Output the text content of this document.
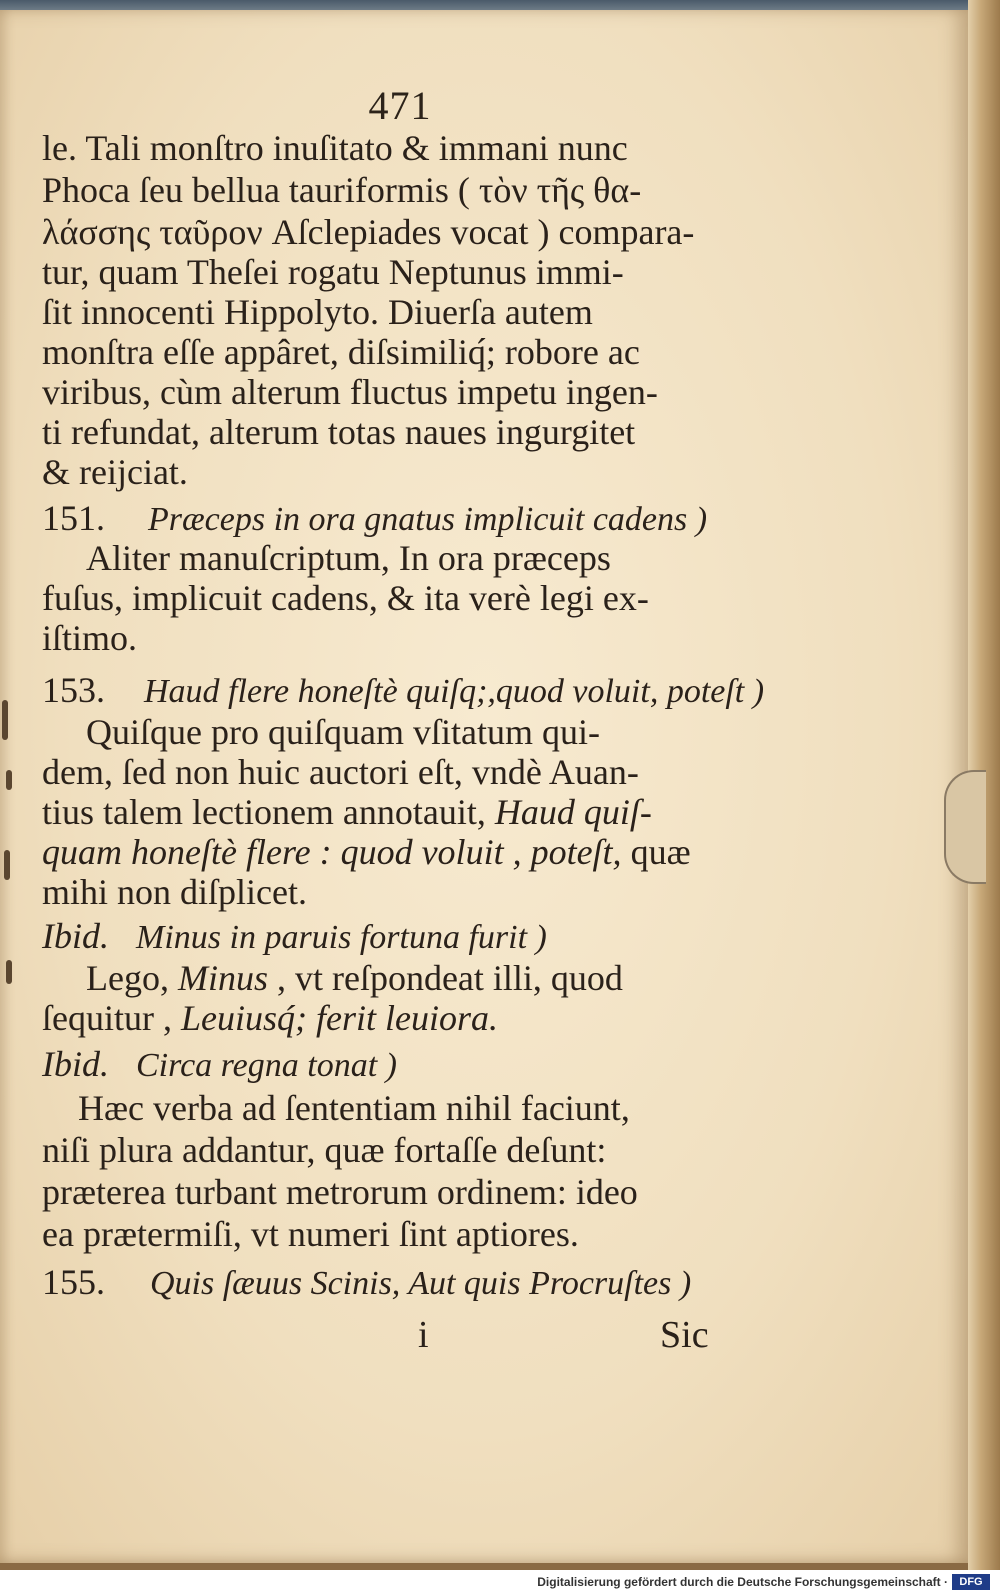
471
le. Tali monſtro inuſitato & immani nunc
Phoca ſeu bellua tauriformis ( τὸν τῆς θα-
λάσσης ταῦρον Aſclepiades vocat ) compara-
tur, quam Theſei rogatu Neptunus immi-
ſit innocenti Hippolyto. Diuerſa autem
monſtra eſſe appâret, diſsimiliq́; robore ac
viribus, cùm alterum fluctus impetu ingen-
ti refundat, alterum totas naues ingurgitet
& reijciat.
151. Præceps in ora gnatus implicuit cadens )
Aliter manuſcriptum, In ora præceps
fuſus, implicuit cadens, & ita verè legi ex-
iſtimo.
153. Haud flere honeſtè quiſq;,quod voluit, poteſt )
Quiſque pro quiſquam vſitatum qui-
dem, ſed non huic auctori eſt, vndè Auan-
tius talem lectionem annotauit, Haud quiſ-
quam honeſtè flere : quod voluit , poteſt, quæ
mihi non diſplicet.
Ibid. Minus in paruis fortuna furit )
Lego, Minus , vt reſpondeat illi, quod
ſequitur , Leuiusq́; ferit leuiora.
Ibid. Circa regna tonat )
Hæc verba ad ſententiam nihil faciunt,
niſi plura addantur, quæ fortaſſe deſunt:
præterea turbant metrorum ordinem: ideo
ea prætermiſi, vt numeri ſint aptiores.
155. Quis ſæuus Scinis, Aut quis Procruſtes )
i	Sic
Digitalisierung gefördert durch die Deutsche Forschungsgemeinschaft ·	DFG
